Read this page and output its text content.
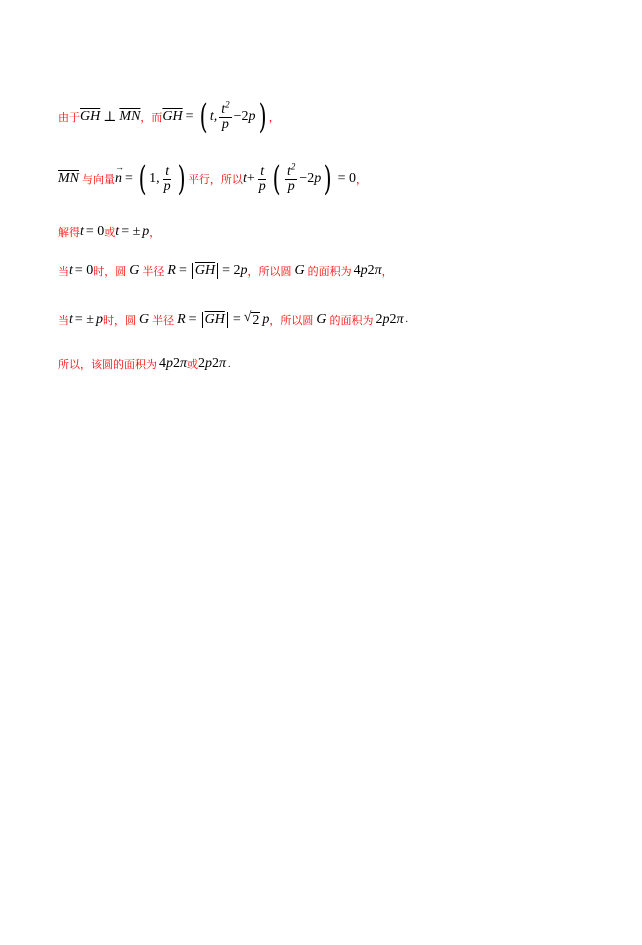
由于 $\overline{GH}$ ⊥ $\overline{MN}$ ，而 $\overline{GH}$ = ( t, $\frac{t^2}{p} -2$ p ) ，
$\overline{MN}$ 与向量 → n = ( 1, $\frac{t}{p}$ ) 平行，所以 $t + \frac{t}{p}$ ( $\frac{t^2}{p} -2$ p ) = 0 ，
解得 t = 0 或 t = ± p ，
当 t = 0 时，圆 G 半径 $R = \overline{GH} = 2$ p ，所以圆 G 的面积为 4 p 2 π ，
当 t = ± p 时，圆 G 半径 $R = \overline{GH}$ = √ 2 p ，所以圆 G 的面积为 2 p 2 π .
所以，该圆的面积为 4 p 2 π 或 2 p 2 π .
